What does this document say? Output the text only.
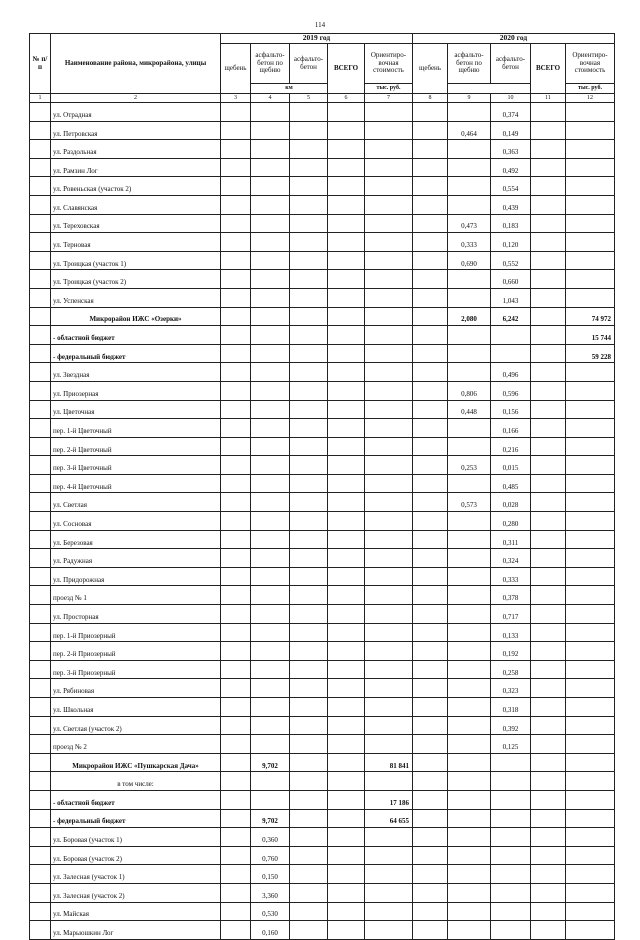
114
№ п/п	Наименование района, микрорайона, улицы	2019 год					2020 год				
		щебень	асфальто-бетон по щебню	асфальто-бетон	ВСЕГО	Ориентиро-вочная стоимость	щебень	асфальто-бетон по щебню	асфальто-бетон	ВСЕГО	Ориентиро-вочная стоимость
			км			тыс. руб.					тыс. руб.
1	2	3	4	5	6	7	8	9	10	11	12
	ул. Отрадная								0,374		
	ул. Петровская							0,464	0,149		
	ул. Раздольная								0,363		
	ул. Рамзин Лог								0,492		
	ул. Ровеньская (участок 2)								0,554		
	ул. Славянская								0,439		
	ул. Тереховская							0,473	0,183		
	ул. Терновая							0,333	0,120		
	ул. Троицкая (участок 1)							0,690	0,552		
	ул. Троицкая (участок 2)								0,660		
	ул. Успенская								1,043		
	Микрорайон ИЖС «Озерки»							2,080	6,242		74 972
	- областной бюджет										15 744
	- федеральный бюджет										59 228
	ул. Звездная								0,496		
	ул. Приозерная							0,806	0,596		
	ул. Цветочная							0,448	0,156		
	пер. 1-й Цветочный								0,166		
	пер. 2-й Цветочный								0,216		
	пер. 3-й Цветочный							0,253	0,015		
	пер. 4-й Цветочный								0,485		
	ул. Светлая							0,573	0,028		
	ул. Сосновая								0,280		
	ул. Березовая								0,311		
	ул. Радужная								0,324		
	ул. Придорожная								0,333		
	проезд № 1								0,378		
	ул. Просторная								0,717		
	пер. 1-й Приозерный								0,133		
	пер. 2-й Приозерный								0,192		
	пер. 3-й Приозерный								0,258		
	ул. Рябиновая								0,323		
	ул. Школьная								0,318		
	ул. Светлая (участок 2)								0,392		
	проезд № 2								0,125		
	Микрорайон ИЖС «Пушкарская Дача»		9,702			81 841					
	в том числе:										
	- областной бюджет					17 186					
	- федеральный бюджет		9,702			64 655					
	ул. Боровая (участок 1)		0,360								
	ул. Боровая (участок 2)		0,760								
	ул. Залесная (участок 1)		0,150								
	ул. Залесная (участок 2)		3,360								
	ул. Майская		0,530								
	ул. Марьюшкин Лог		0,160								
